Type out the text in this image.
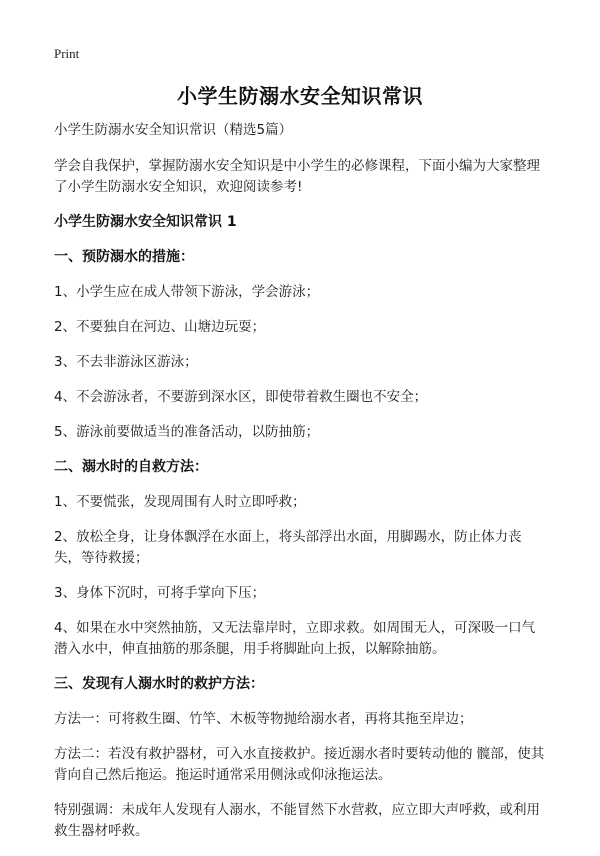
Print
小学生防溺水安全知识常识
小学生防溺水安全知识常识（精选5篇）
学会自我保护，掌握防溺水安全知识是中小学生的必修课程，下面小编为大家整理了小学生防溺水安全知识，欢迎阅读参考!
小学生防溺水安全知识常识 1
一、预防溺水的措施：
1、小学生应在成人带领下游泳，学会游泳；
2、不要独自在河边、山塘边玩耍；
3、不去非游泳区游泳；
4、不会游泳者，不要游到深水区，即使带着救生圈也不安全；
5、游泳前要做适当的准备活动，以防抽筋；
二、溺水时的自救方法：
1、不要慌张，发现周围有人时立即呼救；
2、放松全身，让身体飘浮在水面上，将头部浮出水面，用脚踢水，防止体力丧失，等待救援；
3、身体下沉时，可将手掌向下压；
4、如果在水中突然抽筋，又无法靠岸时，立即求救。如周围无人，可深吸一口气潜入水中，伸直抽筋的那条腿，用手将脚趾向上扳，以解除抽筋。
三、发现有人溺水时的救护方法：
方法一：可将救生圈、竹竿、木板等物抛给溺水者，再将其拖至岸边；
方法二：若没有救护器材，可入水直接救护。接近溺水者时要转动他的 髋部，使其背向自己然后拖运。拖运时通常采用侧泳或仰泳拖运法。
特别强调：未成年人发现有人溺水，不能冒然下水营救，应立即大声呼救，或利用救生器材呼救。
